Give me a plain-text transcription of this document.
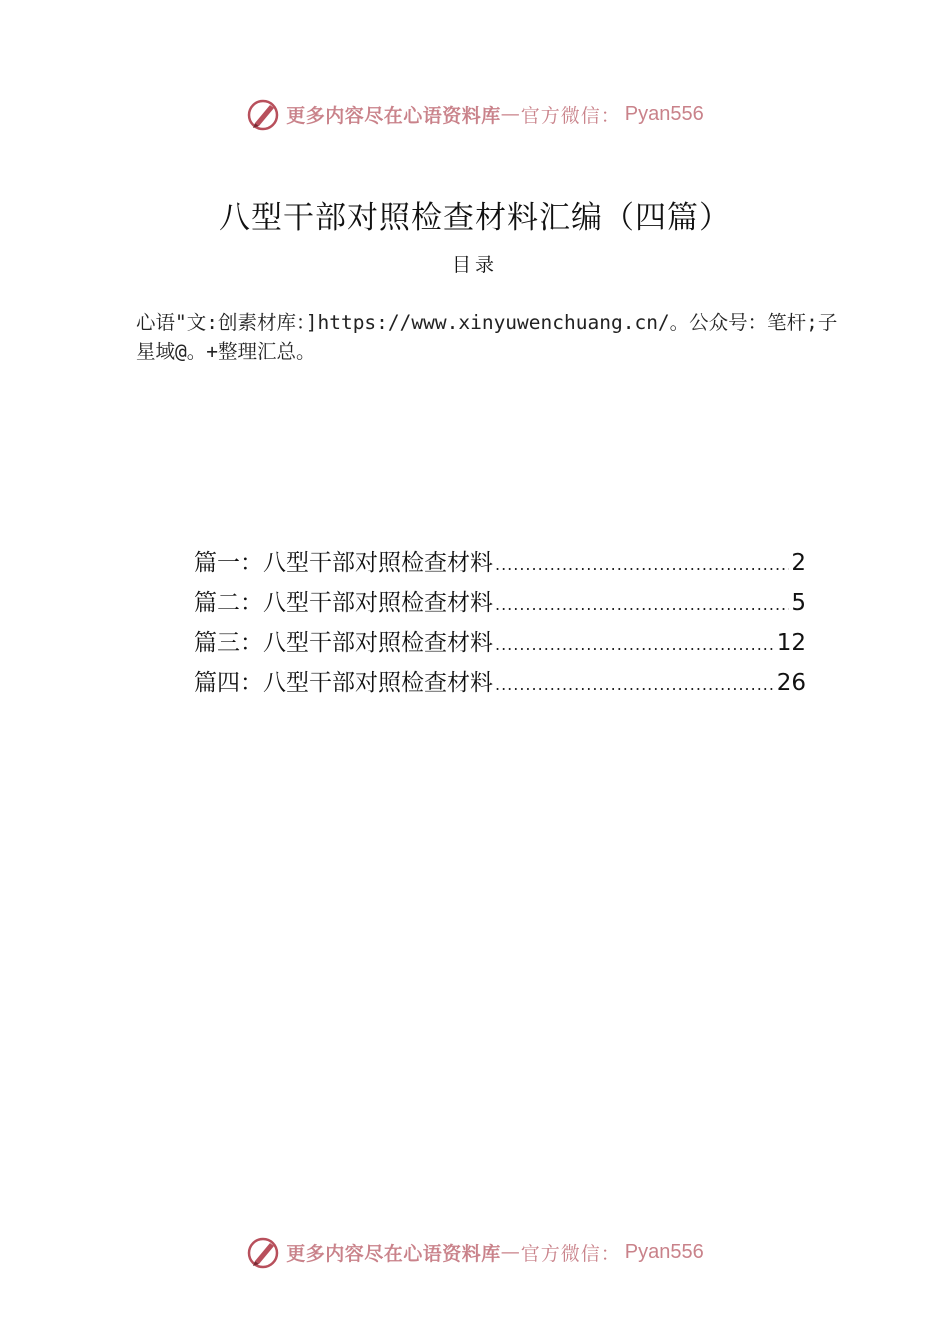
更多内容尽在心语资料库 — 官方微信： Pyan556
八型干部对照检查材料汇编（四篇）
目录
心语"文:创素材库：]https://www.xinyuwenchuang.cn/。公众号：笔杆;子星域@。+整理汇总。
篇一：八型干部对照检查材料 .....	2
篇二：八型干部对照检查材料 .....	5
篇三：八型干部对照检查材料 .....	12
篇四：八型干部对照检查材料 .....	26
更多内容尽在心语资料库 — 官方微信： Pyan556
